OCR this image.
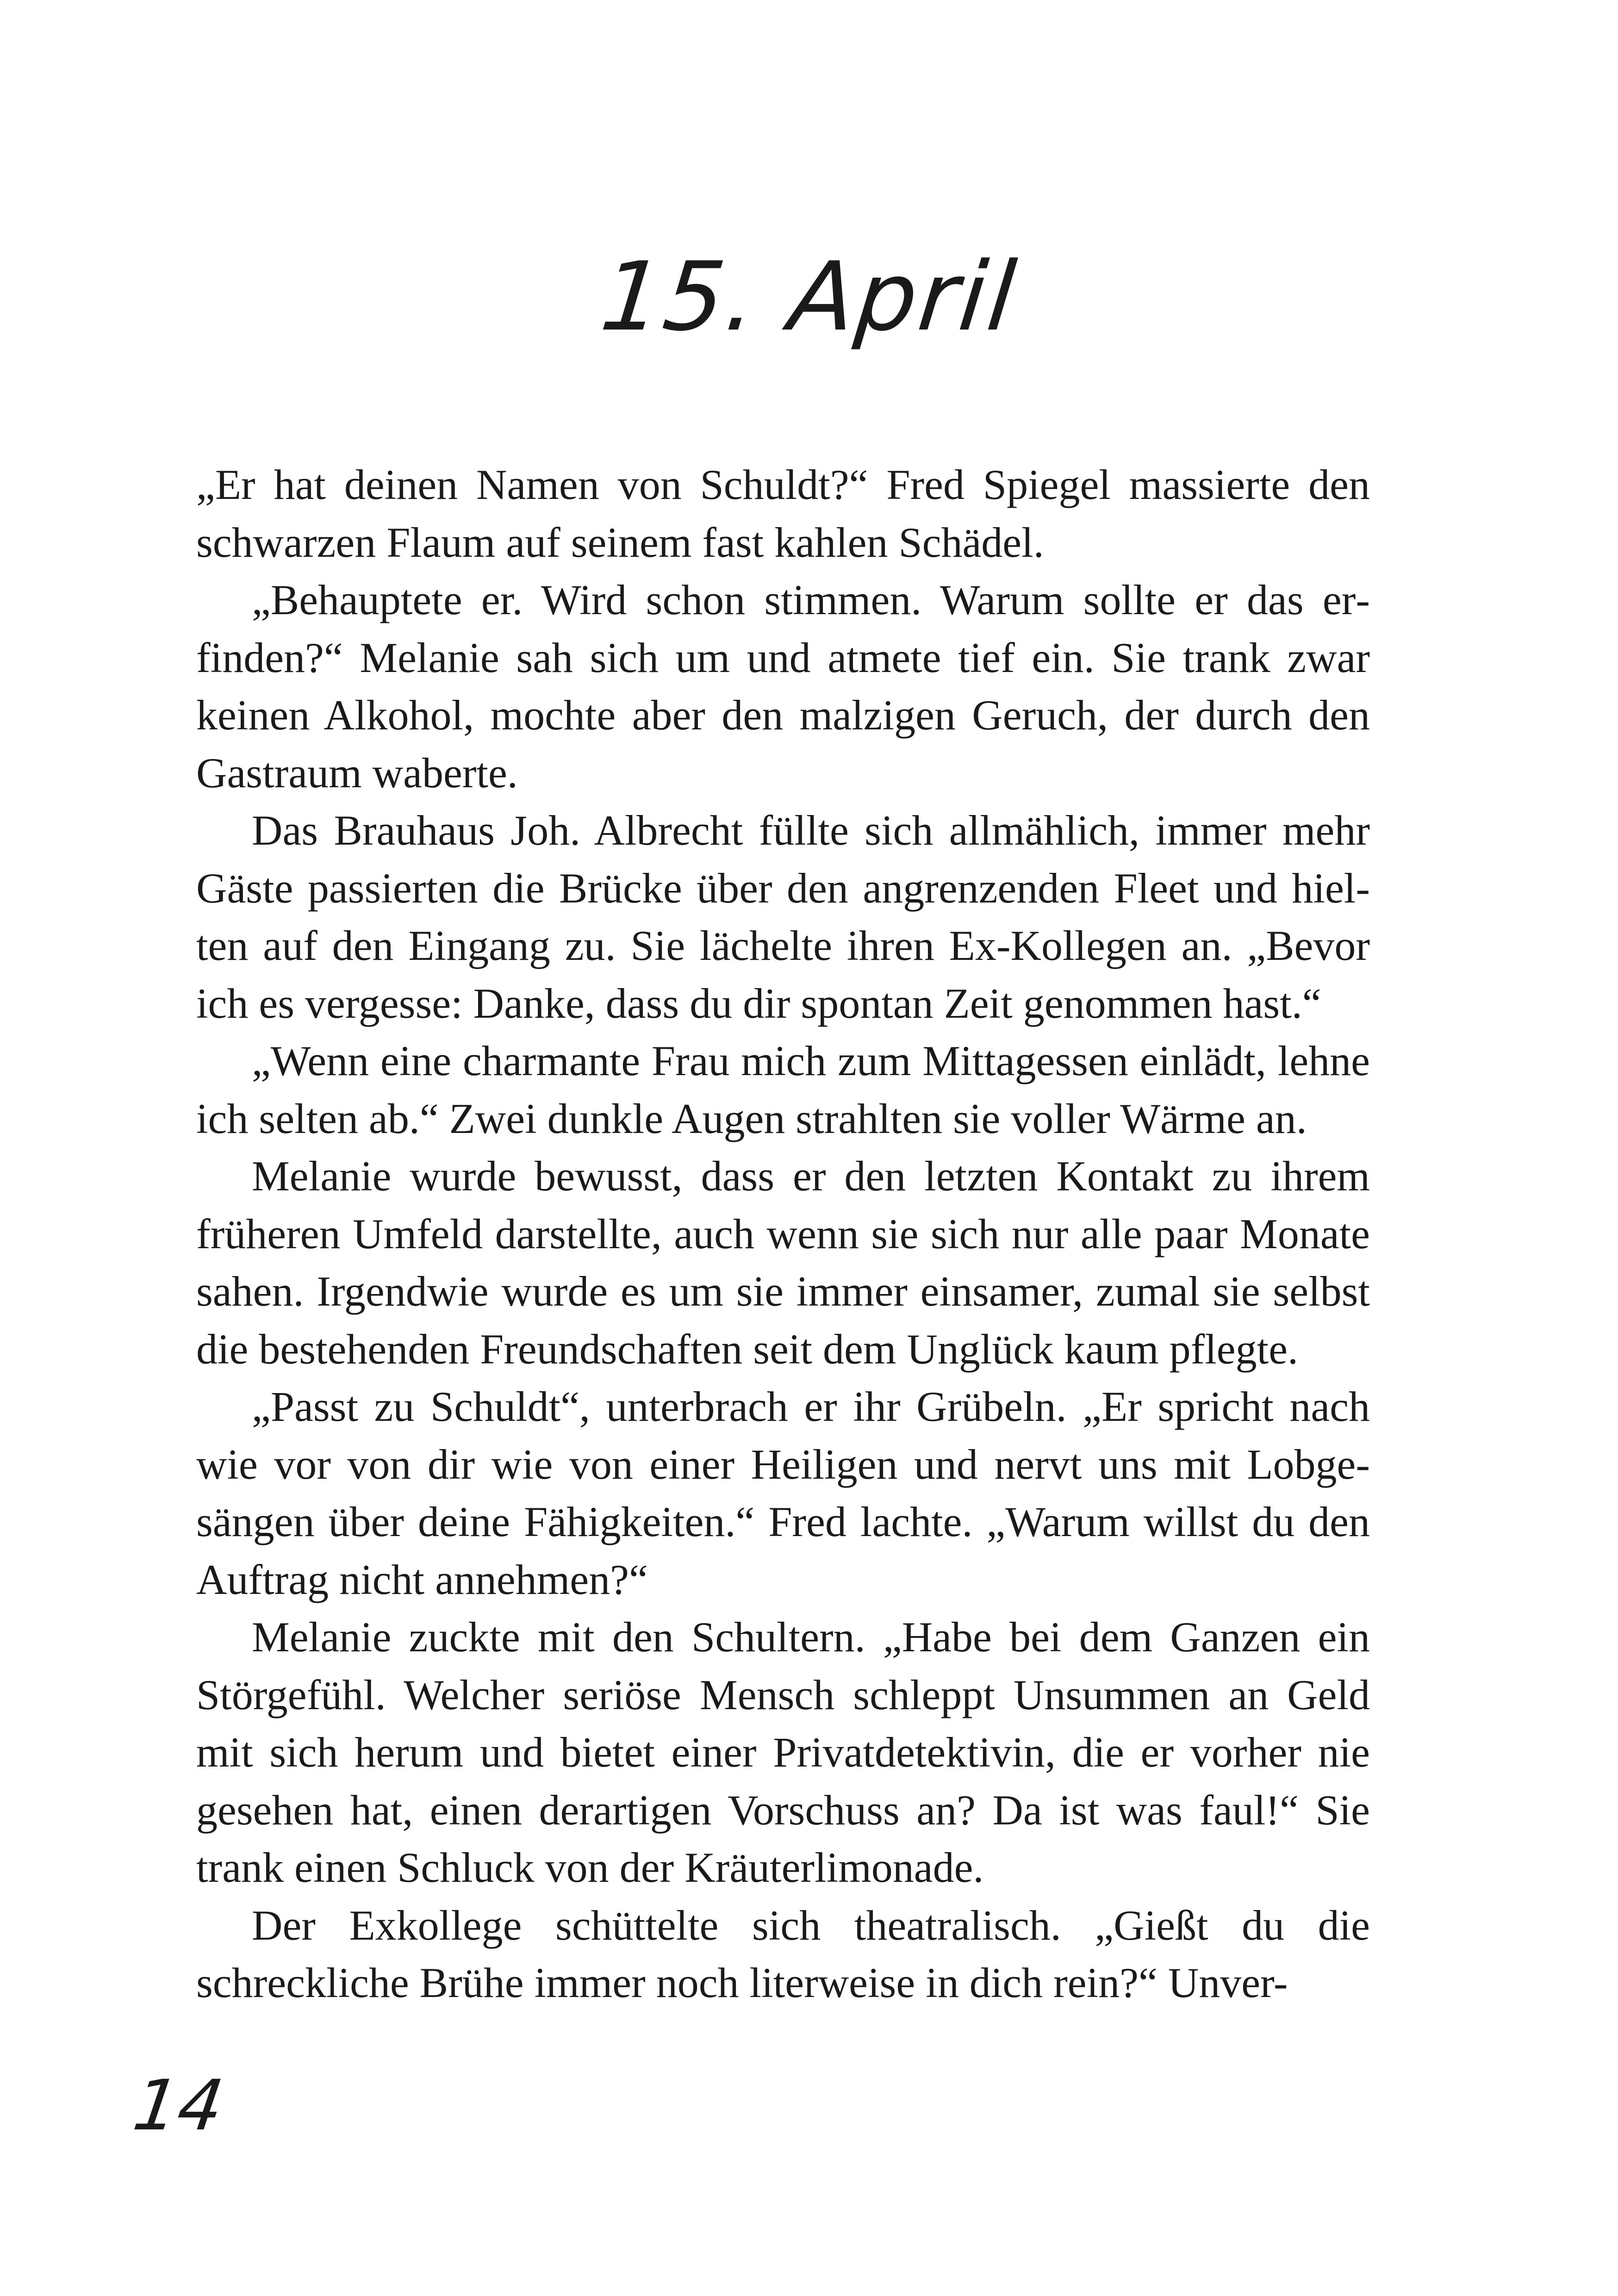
15. April

„Er hat deinen Namen von Schuldt?“ Fred Spiegel massierte den schwarzen Flaum auf seinem fast kahlen Schädel.

„Behauptete er. Wird schon stimmen. Warum sollte er das erfinden?“ Melanie sah sich um und atmete tief ein. Sie trank zwar keinen Alkohol, mochte aber den malzigen Geruch, der durch den Gastraum waberte.

Das Brauhaus Joh. Albrecht füllte sich allmählich, immer mehr Gäste passierten die Brücke über den angrenzenden Fleet und hielten auf den Eingang zu. Sie lächelte ihren Ex-Kollegen an. „Bevor ich es vergesse: Danke, dass du dir spontan Zeit genommen hast.“

„Wenn eine charmante Frau mich zum Mittagessen einlädt, lehne ich selten ab.“ Zwei dunkle Augen strahlten sie voller Wärme an.

Melanie wurde bewusst, dass er den letzten Kontakt zu ihrem früheren Umfeld darstellte, auch wenn sie sich nur alle paar Monate sahen. Irgendwie wurde es um sie immer einsamer, zumal sie selbst die bestehenden Freundschaften seit dem Unglück kaum pflegte.

„Passt zu Schuldt“, unterbrach er ihr Grübeln. „Er spricht nach wie vor von dir wie von einer Heiligen und nervt uns mit Lobgesängen über deine Fähigkeiten.“ Fred lachte. „Warum willst du den Auftrag nicht annehmen?“

Melanie zuckte mit den Schultern. „Habe bei dem Ganzen ein Störgefühl. Welcher seriöse Mensch schleppt Unsummen an Geld mit sich herum und bietet einer Privatdetektivin, die er vorher nie gesehen hat, einen derartigen Vorschuss an? Da ist was faul!“ Sie trank einen Schluck von der Kräuterlimonade.

Der Exkollege schüttelte sich theatralisch. „Gießt du die schreckliche Brühe immer noch literweise in dich rein?“ Unver-

14
